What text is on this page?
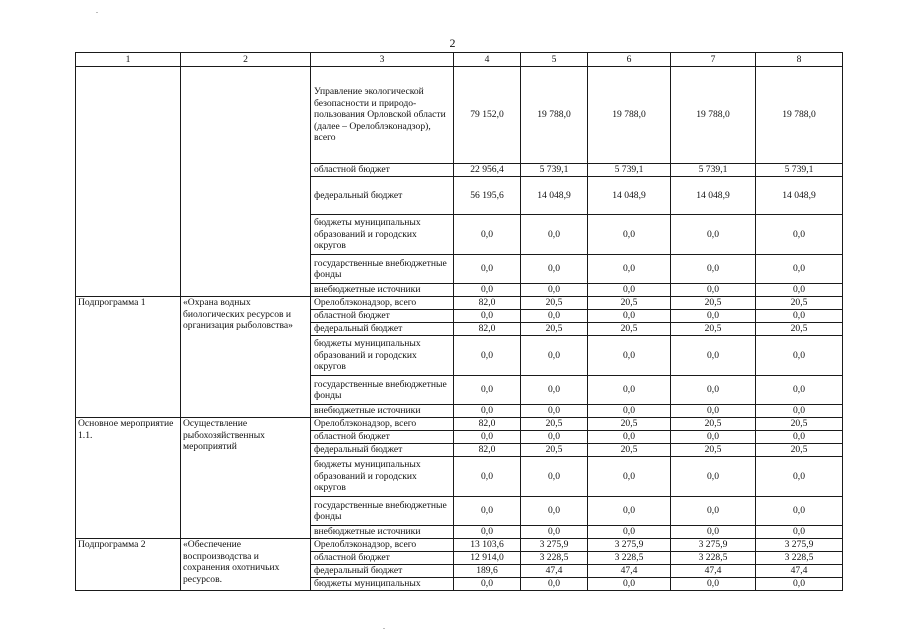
2
1	2	3	4	5	6	7	8
		Управление экологической безопасности и природо-пользования Орловской области (далее – Орелоблэконадзор), всего	79 152,0	19 788,0	19 788,0	19 788,0	19 788,0
		областной бюджет	22 956,4	5 739,1	5 739,1	5 739,1	5 739,1
		федеральный бюджет	56 195,6	14 048,9	14 048,9	14 048,9	14 048,9
		бюджеты муниципальных образований и городских округов	0,0	0,0	0,0	0,0	0,0
		государственные внебюджетные фонды	0,0	0,0	0,0	0,0	0,0
		внебюджетные источники	0,0	0,0	0,0	0,0	0,0
Подпрограмма 1	«Охрана водных биологических ресурсов и организация рыболовства»	Орелоблэконадзор, всего	82,0	20,5	20,5	20,5	20,5
		областной бюджет	0,0	0,0	0,0	0,0	0,0
		федеральный бюджет	82,0	20,5	20,5	20,5	20,5
		бюджеты муниципальных образований и городских округов	0,0	0,0	0,0	0,0	0,0
		государственные внебюджетные фонды	0,0	0,0	0,0	0,0	0,0
		внебюджетные источники	0,0	0,0	0,0	0,0	0,0
Основное мероприятие 1.1.	Осуществление рыбохозяйственных мероприятий	Орелоблэконадзор, всего	82,0	20,5	20,5	20,5	20,5
		областной бюджет	0,0	0,0	0,0	0,0	0,0
		федеральный бюджет	82,0	20,5	20,5	20,5	20,5
		бюджеты муниципальных образований и городских округов	0,0	0,0	0,0	0,0	0,0
		государственные внебюджетные фонды	0,0	0,0	0,0	0,0	0,0
		внебюджетные источники	0,0	0,0	0,0	0,0	0,0
Подпрограмма 2	«Обеспечение воспроизводства и сохранения охотничьих ресурсов.	Орелоблэконадзор, всего	13 103,6	3 275,9	3 275,9	3 275,9	3 275,9
		областной бюджет	12 914,0	3 228,5	3 228,5	3 228,5	3 228,5
		федеральный бюджет	189,6	47,4	47,4	47,4	47,4
		бюджеты муниципальных	0,0	0,0	0,0	0,0	0,0
